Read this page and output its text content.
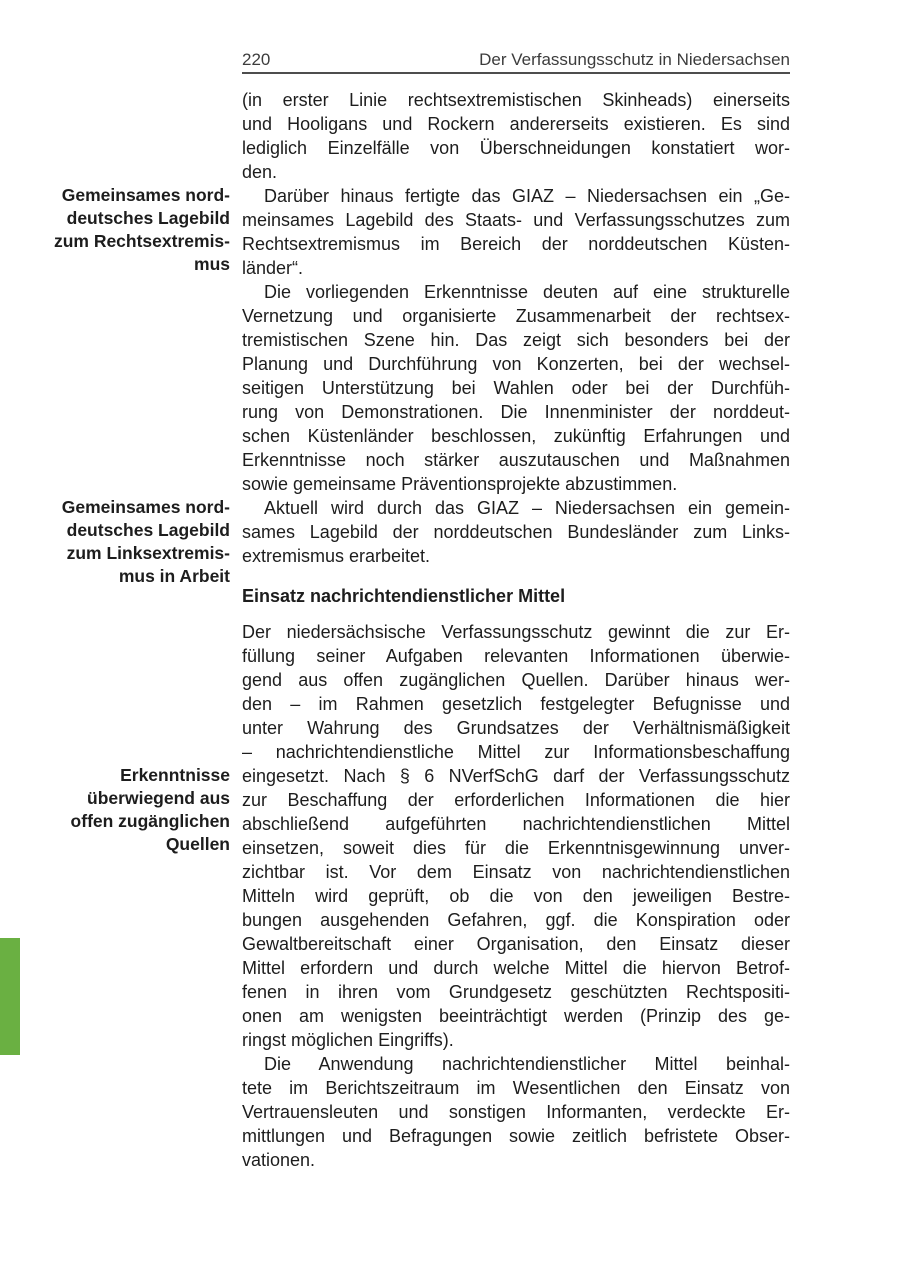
220	Der Verfassungsschutz in Niedersachsen
Gemeinsames nord-
deutsches Lagebild
zum Rechtsextremis-
mus
Gemeinsames nord-
deutsches Lagebild
zum Linksextremis-
mus in Arbeit
Erkenntnisse
überwiegend aus
offen zugänglichen
Quellen
(in erster Linie rechtsextremistischen Skinheads) einerseits
und Hooligans und Rockern andererseits existieren. Es sind
lediglich Einzelfälle von Überschneidungen konstatiert wor-
den.
Darüber hinaus fertigte das GIAZ – Niedersachsen ein „Ge-
meinsames Lagebild des Staats- und Verfassungsschutzes zum
Rechtsextremismus im Bereich der norddeutschen Küsten-
länder“.
Die vorliegenden Erkenntnisse deuten auf eine strukturelle
Vernetzung und organisierte Zusammenarbeit der rechtsex-
tremistischen Szene hin. Das zeigt sich besonders bei der
Planung und Durchführung von Konzerten, bei der wechsel-
seitigen Unterstützung bei Wahlen oder bei der Durchfüh-
rung von Demonstrationen. Die Innenminister der norddeut-
schen Küstenländer beschlossen, zukünftig Erfahrungen und
Erkenntnisse noch stärker auszutauschen und Maßnahmen
sowie gemeinsame Präventionsprojekte abzustimmen.
Aktuell wird durch das GIAZ – Niedersachsen ein gemein-
sames Lagebild der norddeutschen Bundesländer zum Links-
extremismus erarbeitet.
Einsatz nachrichtendienstlicher Mittel
Der niedersächsische Verfassungsschutz gewinnt die zur Er-
füllung seiner Aufgaben relevanten Informationen überwie-
gend aus offen zugänglichen Quellen. Darüber hinaus wer-
den – im Rahmen gesetzlich festgelegter Befugnisse und
unter Wahrung des Grundsatzes der Verhältnismäßigkeit
– nachrichtendienstliche Mittel zur Informationsbeschaffung
eingesetzt. Nach § 6 NVerfSchG darf der Verfassungsschutz
zur Beschaffung der erforderlichen Informationen die hier
abschließend aufgeführten nachrichtendienstlichen Mittel
einsetzen, soweit dies für die Erkenntnisgewinnung unver-
zichtbar ist. Vor dem Einsatz von nachrichtendienstlichen
Mitteln wird geprüft, ob die von den jeweiligen Bestre-
bungen ausgehenden Gefahren, ggf. die Konspiration oder
Gewaltbereitschaft einer Organisation, den Einsatz dieser
Mittel erfordern und durch welche Mittel die hiervon Betrof-
fenen in ihren vom Grundgesetz geschützten Rechtspositi-
onen am wenigsten beeinträchtigt werden (Prinzip des ge-
ringst möglichen Eingriffs).
Die Anwendung nachrichtendienstlicher Mittel beinhal-
tete im Berichtszeitraum im Wesentlichen den Einsatz von
Vertrauensleuten und sonstigen Informanten, verdeckte Er-
mittlungen und Befragungen sowie zeitlich befristete Obser-
vationen.
